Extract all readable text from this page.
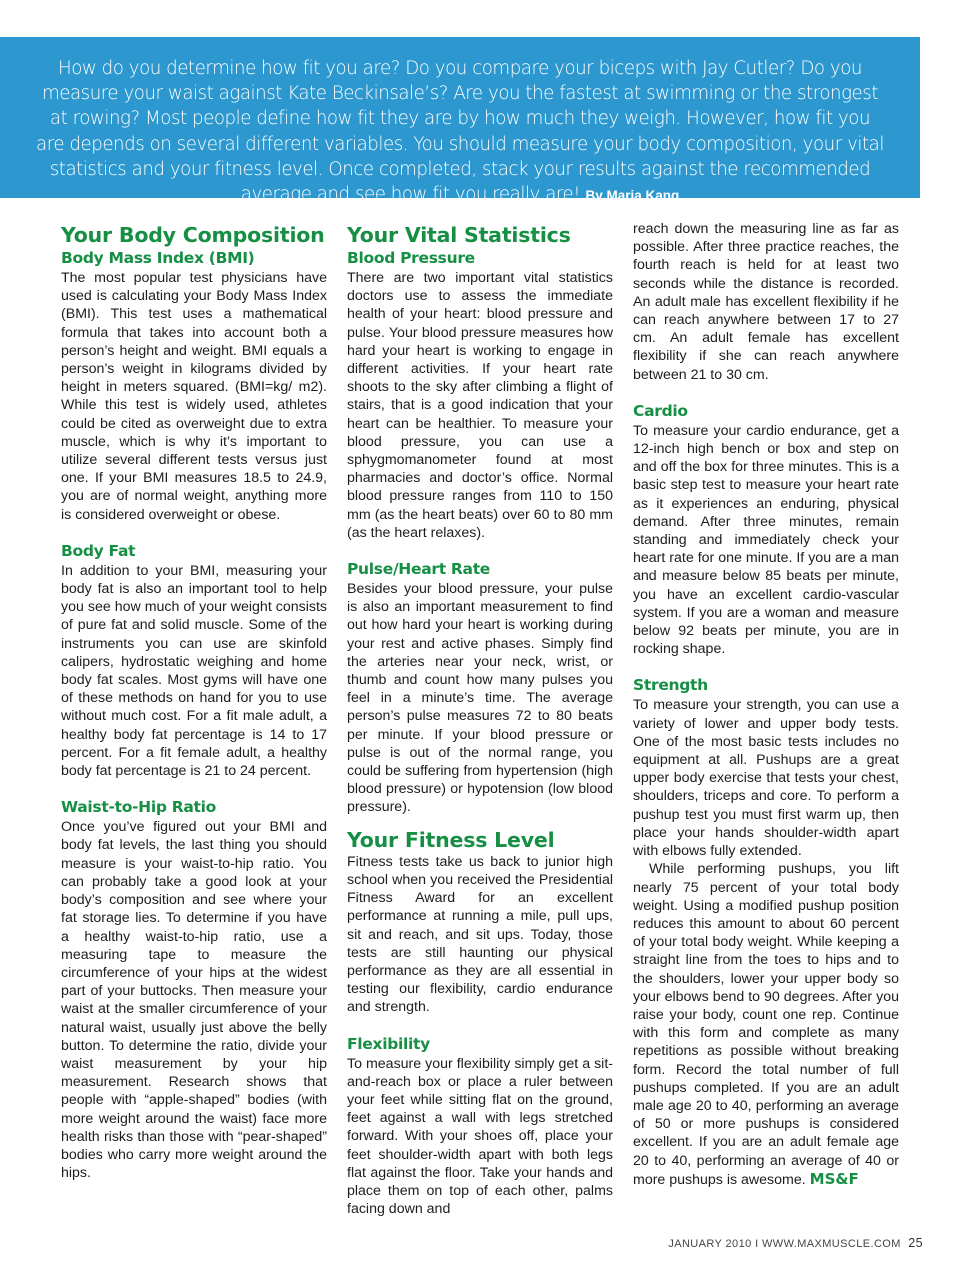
How do you determine how fit you are? Do you compare your biceps with Jay Cutler? Do you measure your waist against Kate Beckinsale’s? Are you the fastest at swimming or the strongest at rowing? Most people define how fit they are by how much they weigh. However, how fit you are depends on several different variables. You should measure your body composition, your vital statistics and your fitness level. Once completed, stack your results against the recommended average and see how fit you really are! By Maria Kang

Your Body Composition
Body Mass Index (BMI)

The most popular test physicians have used is calculating your Body Mass Index (BMI). This test uses a mathematical formula that takes into account both a person’s height and weight. BMI equals a person’s weight in kilograms divided by height in meters squared. (BMI=kg/ m2). While this test is widely used, athletes could be cited as overweight due to extra muscle, which is why it’s important to utilize several different tests versus just one. If your BMI measures 18.5 to 24.9, you are of normal weight, anything more is considered overweight or obese.

Body Fat

In addition to your BMI, measuring your body fat is also an important tool to help you see how much of your weight consists of pure fat and solid muscle. Some of the instruments you can use are skinfold calipers, hydrostatic weighing and home body fat scales. Most gyms will have one of these methods on hand for you to use without much cost. For a fit male adult, a healthy body fat percentage is 14 to 17 percent. For a fit female adult, a healthy body fat percentage is 21 to 24 percent.

Waist-to-Hip Ratio

Once you’ve figured out your BMI and body fat levels, the last thing you should measure is your waist-to-hip ratio. You can probably take a good look at your body’s composition and see where your fat storage lies. To determine if you have a healthy waist-to-hip ratio, use a measuring tape to measure the circumference of your hips at the widest part of your buttocks. Then measure your waist at the smaller circumference of your natural waist, usually just above the belly button. To determine the ratio, divide your waist measurement by your hip measurement. Research shows that people with “apple-shaped” bodies (with more weight around the waist) face more health risks than those with “pear-shaped” bodies who carry more weight around the hips.

Your Vital Statistics
Blood Pressure

There are two important vital statistics doctors use to assess the immediate health of your heart: blood pressure and pulse. Your blood pressure measures how hard your heart is working to engage in different activities. If your heart rate shoots to the sky after climbing a flight of stairs, that is a good indication that your heart can be healthier. To measure your blood pressure, you can use a sphygmomanometer found at most pharmacies and doctor’s office. Normal blood pressure ranges from 110 to 150 mm (as the heart beats) over 60 to 80 mm (as the heart relaxes).

Pulse/Heart Rate

Besides your blood pressure, your pulse is also an important measurement to find out how hard your heart is working during your rest and active phases. Simply find the arteries near your neck, wrist, or thumb and count how many pulses you feel in a minute’s time. The average person’s pulse measures 72 to 80 beats per minute. If your blood pressure or pulse is out of the normal range, you could be suffering from hypertension (high blood pressure) or hypotension (low blood pressure).

Your Fitness Level

Fitness tests take us back to junior high school when you received the Presidential Fitness Award for an excellent performance at running a mile, pull ups, sit and reach, and sit ups. Today, those tests are still haunting our physical performance as they are all essential in testing our flexibility, cardio endurance and strength.

Flexibility

To measure your flexibility simply get a sit-and-reach box or place a ruler between your feet while sitting flat on the ground, feet against a wall with legs stretched forward. With your shoes off, place your feet shoulder-width apart with both legs flat against the floor. Take your hands and place them on top of each other, palms facing down and

reach down the measuring line as far as possible. After three practice reaches, the fourth reach is held for at least two seconds while the distance is recorded. An adult male has excellent flexibility if he can reach anywhere between 17 to 27 cm. An adult female has excellent flexibility if she can reach anywhere between 21 to 30 cm.

Cardio

To measure your cardio endurance, get a 12-inch high bench or box and step on and off the box for three minutes. This is a basic step test to measure your heart rate as it experiences an enduring, physical demand. After three minutes, remain standing and immediately check your heart rate for one minute. If you are a man and measure below 85 beats per minute, you have an excellent cardio-vascular system. If you are a woman and measure below 92 beats per minute, you are in rocking shape.

Strength

To measure your strength, you can use a variety of lower and upper body tests. One of the most basic tests includes no equipment at all. Pushups are a great upper body exercise that tests your chest, shoulders, triceps and core. To perform a pushup test you must first warm up, then place your hands shoulder-width apart with elbows fully extended.

While performing pushups, you lift nearly 75 percent of your total body weight. Using a modified pushup position reduces this amount to about 60 percent of your total body weight. While keeping a straight line from the toes to hips and to the shoulders, lower your upper body so your elbows bend to 90 degrees. After you raise your body, count one rep. Continue with this form and complete as many repetitions as possible without breaking form. Record the total number of full pushups completed. If you are an adult male age 20 to 40, performing an average of 50 or more pushups is considered excellent. If you are an adult female age 20 to 40, performing an average of 40 or more pushups is awesome. MS&F

JANUARY 2010 I WWW.MAXMUSCLE.COM 25
